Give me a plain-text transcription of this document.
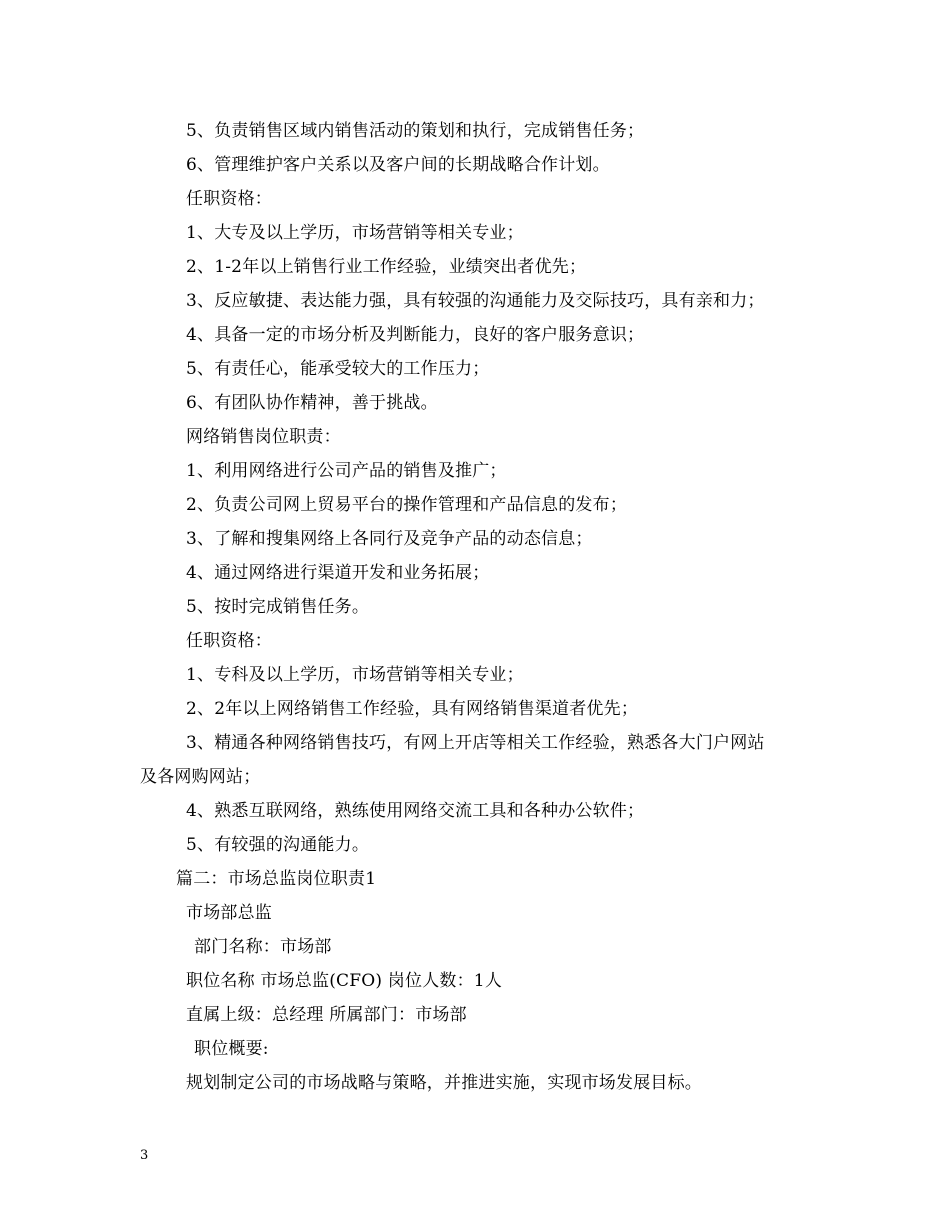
5、负责销售区域内销售活动的策划和执行，完成销售任务；
6、管理维护客户关系以及客户间的长期战略合作计划。
任职资格：
1、大专及以上学历，市场营销等相关专业；
2、1-2年以上销售行业工作经验，业绩突出者优先；
3、反应敏捷、表达能力强，具有较强的沟通能力及交际技巧，具有亲和力；
4、具备一定的市场分析及判断能力，良好的客户服务意识；
5、有责任心，能承受较大的工作压力；
6、有团队协作精神，善于挑战。
网络销售岗位职责：
1、利用网络进行公司产品的销售及推广；
2、负责公司网上贸易平台的操作管理和产品信息的发布；
3、了解和搜集网络上各同行及竞争产品的动态信息；
4、通过网络进行渠道开发和业务拓展；
5、按时完成销售任务。
任职资格：
1、专科及以上学历，市场营销等相关专业；
2、2年以上网络销售工作经验，具有网络销售渠道者优先；
3、精通各种网络销售技巧，有网上开店等相关工作经验，熟悉各大门户网站
及各网购网站；
4、熟悉互联网络，熟练使用网络交流工具和各种办公软件；
5、有较强的沟通能力。
篇二：市场总监岗位职责1
市场部总监
部门名称：市场部
职位名称 市场总监(CFO) 岗位人数：1人
直属上级：总经理 所属部门：市场部
职位概要:
规划制定公司的市场战略与策略，并推进实施，实现市场发展目标。
3
